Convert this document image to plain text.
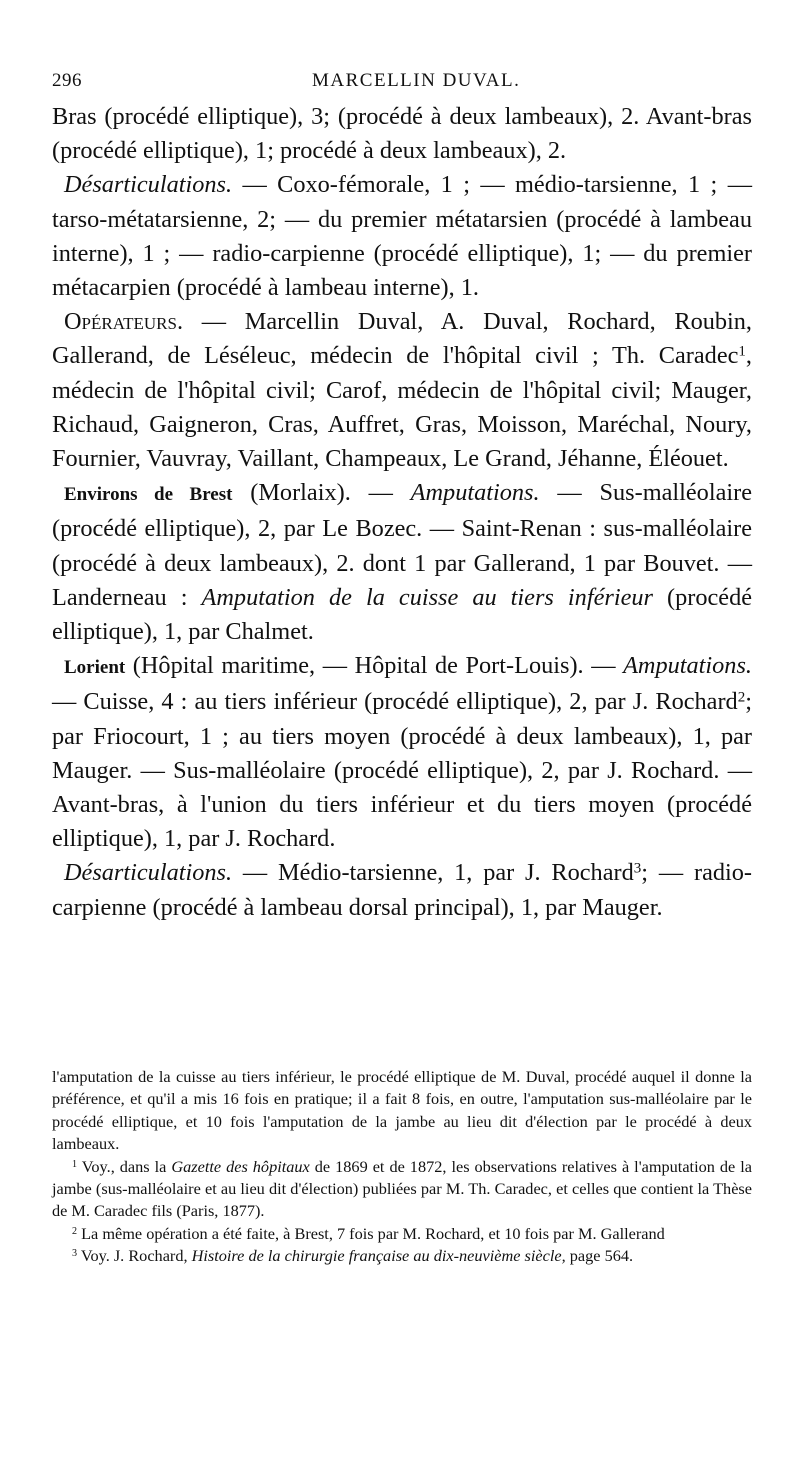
296	MARCELLIN DUVAL.

Bras (procédé elliptique), 3; (procédé à deux lambeaux), 2. Avant-bras (procédé elliptique), 1; procédé à deux lambeaux), 2.

Désarticulations. — Coxo-fémorale, 1 ; — médio-tarsienne, 1 ; — tarso-métatarsienne, 2; — du premier métatarsien (procédé à lambeau interne), 1 ; — radio-carpienne (procédé elliptique), 1; — du premier métacarpien (procédé à lambeau interne), 1.

Opérateurs. — Marcellin Duval, A. Duval, Rochard, Roubin, Gallerand, de Léséleuc, médecin de l'hôpital civil ; Th. Caradec$^1$, médecin de l'hôpital civil; Carof, médecin de l'hôpital civil; Mauger, Richaud, Gaigneron, Cras, Auffret, Gras, Moisson, Maréchal, Noury, Fournier, Vauvray, Vaillant, Champeaux, Le Grand, Jéhanne, Éléouet.

Environs de Brest (Morlaix). — Amputations. — Sus-malléolaire (procédé elliptique), 2, par Le Bozec. — Saint-Renan : sus-malléolaire (procédé à deux lambeaux), 2. dont 1 par Gallerand, 1 par Bouvet. — Landerneau : Amputation de la cuisse au tiers inférieur (procédé elliptique), 1, par Chalmet.

Lorient (Hôpital maritime, — Hôpital de Port-Louis). — Amputations. — Cuisse, 4 : au tiers inférieur (procédé elliptique), 2, par J. Rochard$^2$; par Friocourt, 1 ; au tiers moyen (procédé à deux lambeaux), 1, par Mauger. — Sus-malléolaire (procédé elliptique), 2, par J. Rochard. — Avant-bras, à l'union du tiers inférieur et du tiers moyen (procédé elliptique), 1, par J. Rochard.

Désarticulations. — Médio-tarsienne, 1, par J. Rochard$^3$; — radio-carpienne (procédé à lambeau dorsal principal), 1, par Mauger.

l'amputation de la cuisse au tiers inférieur, le procédé elliptique de M. Duval, procédé auquel il donne la préférence, et qu'il a mis 16 fois en pratique; il a fait 8 fois, en outre, l'amputation sus-malléolaire par le procédé elliptique, et 10 fois l'amputation de la jambe au lieu dit d'élection par le procédé à deux lambeaux.

$^1$ Voy., dans la Gazette des hôpitaux de 1869 et de 1872, les observations relatives à l'amputation de la jambe (sus-malléolaire et au lieu dit d'élection) publiées par M. Th. Caradec, et celles que contient la Thèse de M. Caradec fils (Paris, 1877).

$^2$ La même opération a été faite, à Brest, 7 fois par M. Rochard, et 10 fois par M. Gallerand

$^3$ Voy. J. Rochard, Histoire de la chirurgie française au dix-neuvième siècle, page 564.
